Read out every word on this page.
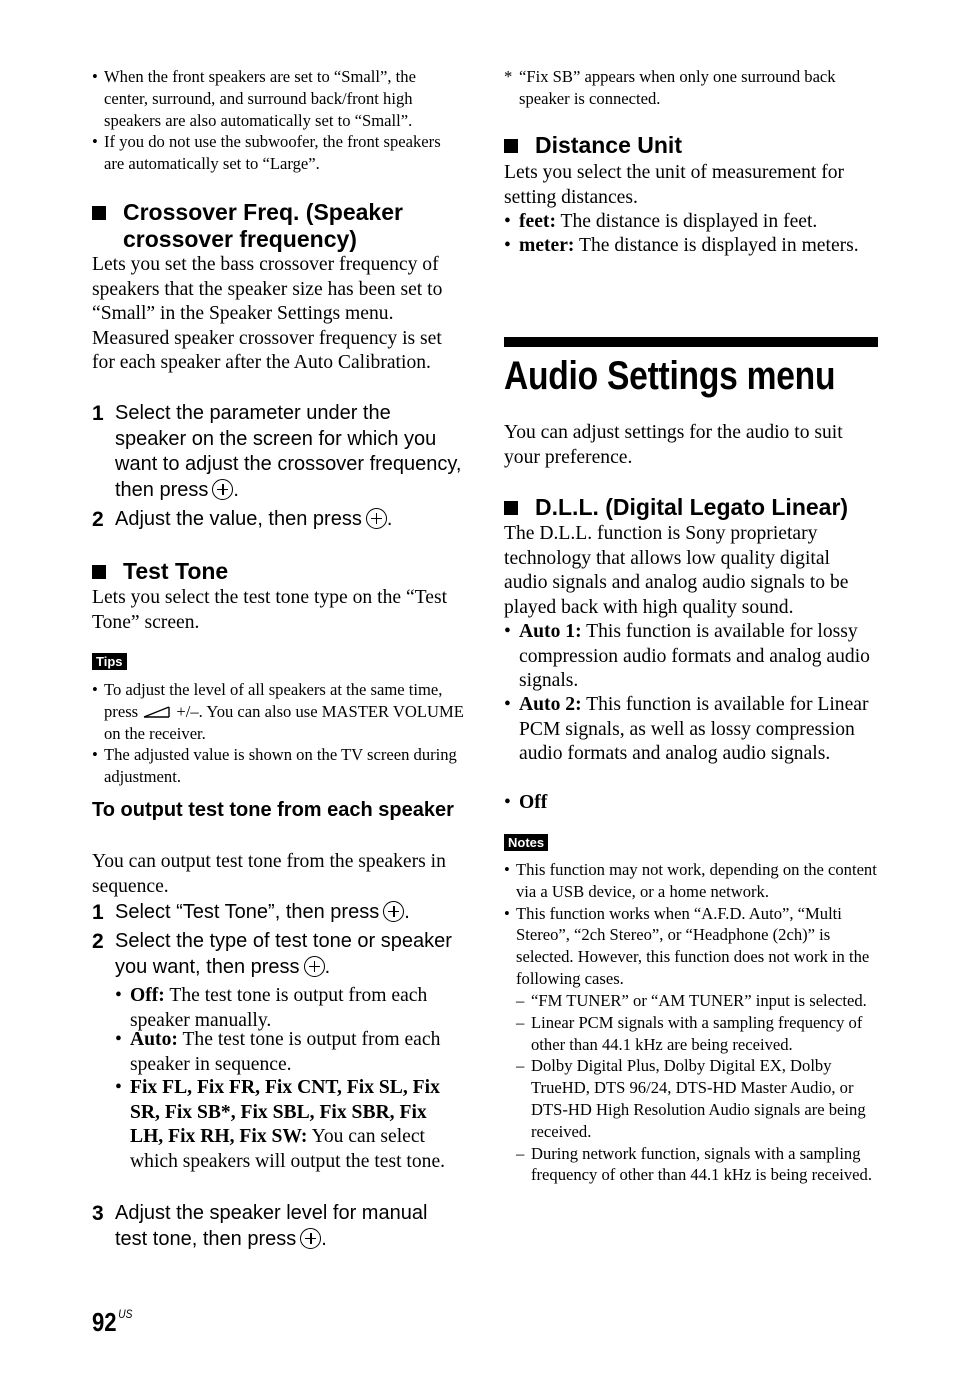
• When the front speakers are set to “Small”, the center, surround, and surround back/front high speakers are also automatically set to “Small”.
• If you do not use the subwoofer, the front speakers are automatically set to “Large”.
Crossover Freq. (Speaker
crossover frequency)
Lets you set the bass crossover frequency of speakers that the speaker size has been set to “Small” in the Speaker Settings menu. Measured speaker crossover frequency is set for each speaker after the Auto Calibration.
1 Select the parameter under the speaker on the screen for which you want to adjust the crossover frequency, then press .
2 Adjust the value, then press .
Test Tone
Lets you select the test tone type on the “Test Tone” screen.
Tips
• To adjust the level of all speakers at the same time, press +/–. You can also use MASTER VOLUME on the receiver.
• The adjusted value is shown on the TV screen during adjustment.
To output test tone from each speaker
You can output test tone from the speakers in sequence.
1 Select “Test Tone”, then press .
2 Select the type of test tone or speaker you want, then press .
• Off: The test tone is output from each speaker manually.
• Auto: The test tone is output from each speaker in sequence.
• Fix FL, Fix FR, Fix CNT, Fix SL, Fix SR, Fix SB*, Fix SBL, Fix SBR, Fix LH, Fix RH, Fix SW: You can select which speakers will output the test tone.
3 Adjust the speaker level for manual test tone, then press .
* “Fix SB” appears when only one surround back speaker is connected.
Distance Unit
Lets you select the unit of measurement for setting distances.
• feet: The distance is displayed in feet.
• meter: The distance is displayed in meters.
Audio Settings menu
You can adjust settings for the audio to suit your preference.
D.L.L. (Digital Legato Linear)
The D.L.L. function is Sony proprietary technology that allows low quality digital audio signals and analog audio signals to be played back with high quality sound.
• Auto 1: This function is available for lossy compression audio formats and analog audio signals.
• Auto 2: This function is available for Linear PCM signals, as well as lossy compression audio formats and analog audio signals.
• Off
Notes
• This function may not work, depending on the content via a USB device, or a home network.
• This function works when “A.F.D. Auto”, “Multi Stereo”, “2ch Stereo”, or “Headphone (2ch)” is selected. However, this function does not work in the following cases.
– “FM TUNER” or “AM TUNER” input is selected.
– Linear PCM signals with a sampling frequency of other than 44.1 kHz are being received.
– Dolby Digital Plus, Dolby Digital EX, Dolby TrueHD, DTS 96/24, DTS-HD Master Audio, or DTS-HD High Resolution Audio signals are being received.
– During network function, signals with a sampling frequency of other than 44.1 kHz is being received.
92 $^{US}$
